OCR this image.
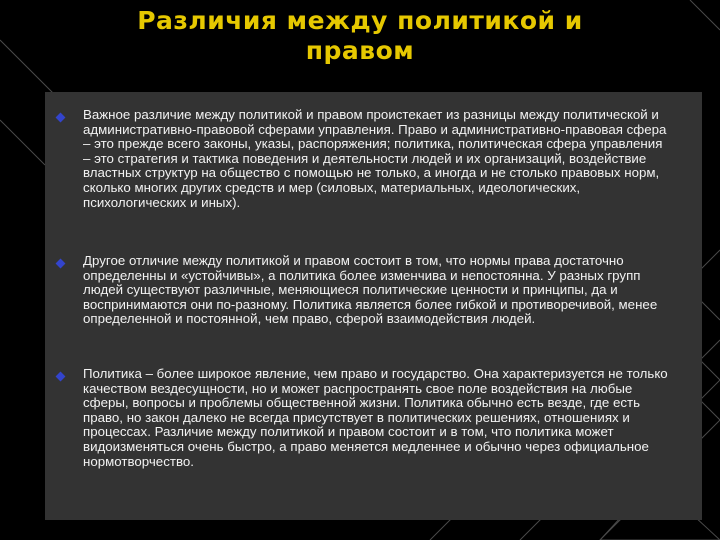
Различия между политикой и правом

Важное различие между политикой и правом проистекает из разницы между политической и административно-правовой сферами управления. Право и административно-правовая сфера – это прежде всего законы, указы, распоряжения; политика, политическая сфера управления – это стратегия и тактика поведения и деятельности людей и их организаций, воздействие властных структур на общество с помощью не только, а иногда и не столько правовых норм, сколько многих других средств и мер (силовых, материальных, идеологических, психологических и иных).

Другое отличие между политикой и правом состоит в том, что нормы права достаточно определенны и «устойчивы», а политика более изменчива и непостоянна. У разных групп людей существуют различные, меняющиеся политические ценности и принципы, да и воспринимаются они по-разному. Политика является более гибкой и противоречивой, менее определенной и постоянной, чем право, сферой взаимодействия людей.

Политика – более широкое явление, чем право и государство. Она характеризуется не только качеством вездесущности, но и может распространять свое поле воздействия на любые сферы, вопросы и проблемы общественной жизни. Политика обычно есть везде, где есть право, но закон далеко не всегда присутствует в политических решениях, отношениях и процессах. Различие между политикой и правом состоит и в том, что политика может видоизменяться очень быстро, а право меняется медленнее и обычно через официальное нормотворчество.
